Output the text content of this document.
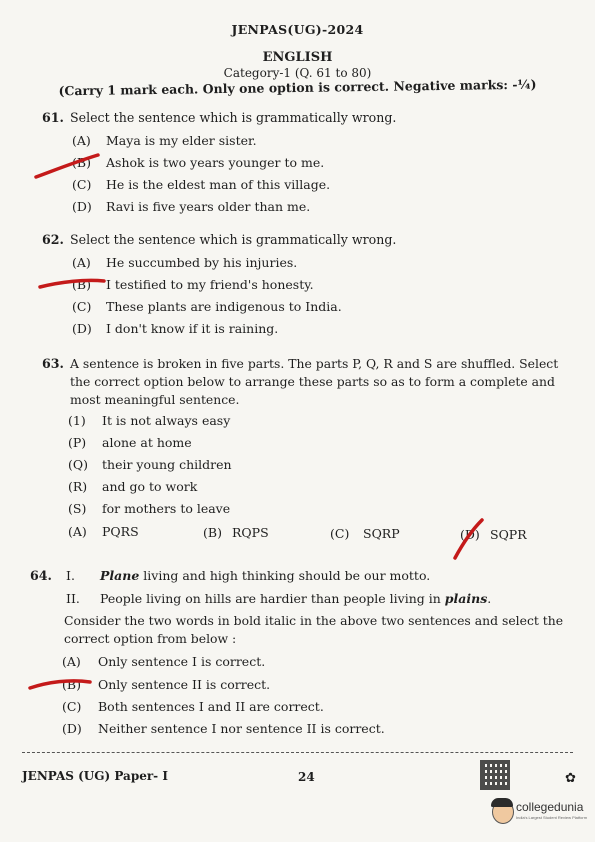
JENPAS(UG)-2024
ENGLISH
Category-1 (Q. 61 to 80)
(Carry 1 mark each. Only one option is correct. Negative marks: -¼)
61. Select the sentence which is grammatically wrong.
(A) Maya is my elder sister.
(B) Ashok is two years younger to me.
(C) He is the eldest man of this village.
(D) Ravi is five years older than me.
62. Select the sentence which is grammatically wrong.
(A) He succumbed by his injuries.
(B) I testified to my friend's honesty.
(C) These plants are indigenous to India.
(D) I don't know if it is raining.
63. A sentence is broken in five parts. The parts P, Q, R and S are shuffled. Select
the correct option below to arrange these parts so as to form a complete and
most meaningful sentence.
(1) It is not always easy
(P) alone at home
(Q) their young children
(R) and go to work
(S) for mothers to leave
(A) PQRS	(B) RQPS	(C) SQRP	(D) SQPR
64. I. Plane living and high thinking should be our motto.
II. People living on hills are hardier than people living in plains.
Consider the two words in bold italic in the above two sentences and select the
correct option from below :
(A) Only sentence I is correct.
(B) Only sentence II is correct.
(C) Both sentences I and II are correct.
(D) Neither sentence I nor sentence II is correct.
JENPAS (UG) Paper- I	24	✿
collegedunia
India's Largest Student Review Platform
